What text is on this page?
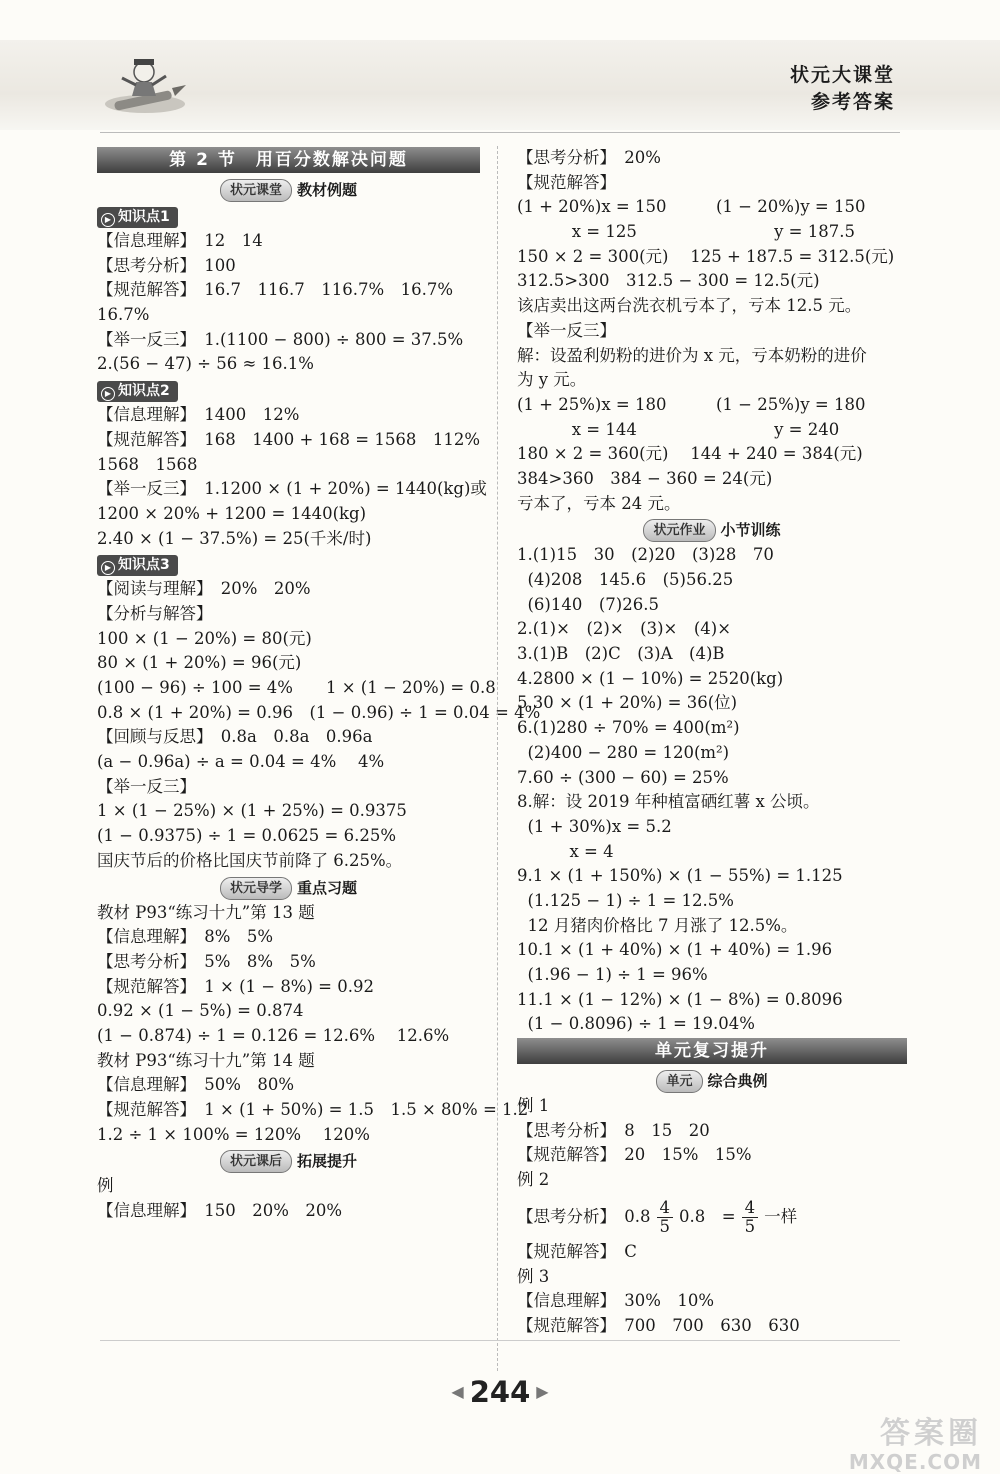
状元大课堂
参考答案
第 2 节　用百分数解决问题
状元课堂 教材例题
▶ 知识点1
【信息理解】　12　14
【思考分析】　100
【规范解答】　16.7　116.7　116.7%　16.7%
16.7%
【举一反三】　1.(1100 − 800) ÷ 800 = 37.5%
2.(56 − 47) ÷ 56 ≈ 16.1%
▶ 知识点2
【信息理解】　1400　12%
【规范解答】　168　1400 + 168 = 1568　112%
1568　1568
【举一反三】　1.1200 × (1 + 20%) = 1440(kg)或
1200 × 20% + 1200 = 1440(kg)
2.40 × (1 − 37.5%) = 25(千米/时)
▶ 知识点3
【阅读与理解】　20%　20%
【分析与解答】
100 × (1 − 20%) = 80(元)
80 × (1 + 20%) = 96(元)
(100 − 96) ÷ 100 = 4%　　1 × (1 − 20%) = 0.8
0.8 × (1 + 20%) = 0.96　(1 − 0.96) ÷ 1 = 0.04 = 4%
【回顾与反思】　0.8a　0.8a　0.96a
(a − 0.96a) ÷ a = 0.04 = 4%　 4%
【举一反三】
1 × (1 − 25%) × (1 + 25%) = 0.9375
(1 − 0.9375) ÷ 1 = 0.0625 = 6.25%
国庆节后的价格比国庆节前降了 6.25%。
状元导学 重点习题
教材 P93“练习十九”第 13 题
【信息理解】　8%　5%
【思考分析】　5%　8%　5%
【规范解答】　1 × (1 − 8%) = 0.92
0.92 × (1 − 5%) = 0.874
(1 − 0.874) ÷ 1 = 0.126 = 12.6%　 12.6%
教材 P93“练习十九”第 14 题
【信息理解】　50%　80%
【规范解答】　1 × (1 + 50%) = 1.5　1.5 × 80% = 1.2
1.2 ÷ 1 × 100% = 120%　 120%
状元课后 拓展提升
例
【信息理解】　150　20%　20%
【思考分析】　20%
【规范解答】
(1 + 20%)x = 150　　　(1 − 20%)y = 150
　　　 x = 125　　　　　　　　 y = 187.5
150 × 2 = 300(元)　 125 + 187.5 = 312.5(元)
312.5>300　312.5 − 300 = 12.5(元)
该店卖出这两台洗衣机亏本了，亏本 12.5 元。
【举一反三】
解：设盈利奶粉的进价为 x 元，亏本奶粉的进价
为 y 元。
(1 + 25%)x = 180　　　(1 − 25%)y = 180
　　　 x = 144　　　　　　　　 y = 240
180 × 2 = 360(元)　 144 + 240 = 384(元)
384>360　384 − 360 = 24(元)
亏本了，亏本 24 元。
状元作业 小节训练
1.(1)15　30　(2)20　(3)28　70
(4)208　145.6　(5)56.25
(6)140　(7)26.5
2.(1)×　(2)×　(3)×　(4)×
3.(1)B　(2)C　(3)A　(4)B
4.2800 × (1 − 10%) = 2520(kg)
5.30 × (1 + 20%) = 36(位)
6.(1)280 ÷ 70% = 400(m²)
(2)400 − 280 = 120(m²)
7.60 ÷ (300 − 60) = 25%
8.解：设 2019 年种植富硒红薯 x 公顷。
(1 + 30%)x = 5.2
x = 4
9.1 × (1 + 150%) × (1 − 55%) = 1.125
(1.125 − 1) ÷ 1 = 12.5%
12 月猪肉价格比 7 月涨了 12.5%。
10.1 × (1 + 40%) × (1 + 40%) = 1.96
(1.96 − 1) ÷ 1 = 96%
11.1 × (1 − 12%) × (1 − 8%) = 0.8096
(1 − 0.8096) ÷ 1 = 19.04%
单元复习提升
单元 综合典例
例 1
【思考分析】　8　15　20
【规范解答】　20　15%　15%
例 2
【思考分析】　$0.8 \frac{4}{5} 0.8$　= $\frac{4}{5}$ 一样
【规范解答】　C
例 3
【信息理解】　30%　10%
【规范解答】　700　700　630　630
◀ 244 ▶
答案圈
MXQE.COM
